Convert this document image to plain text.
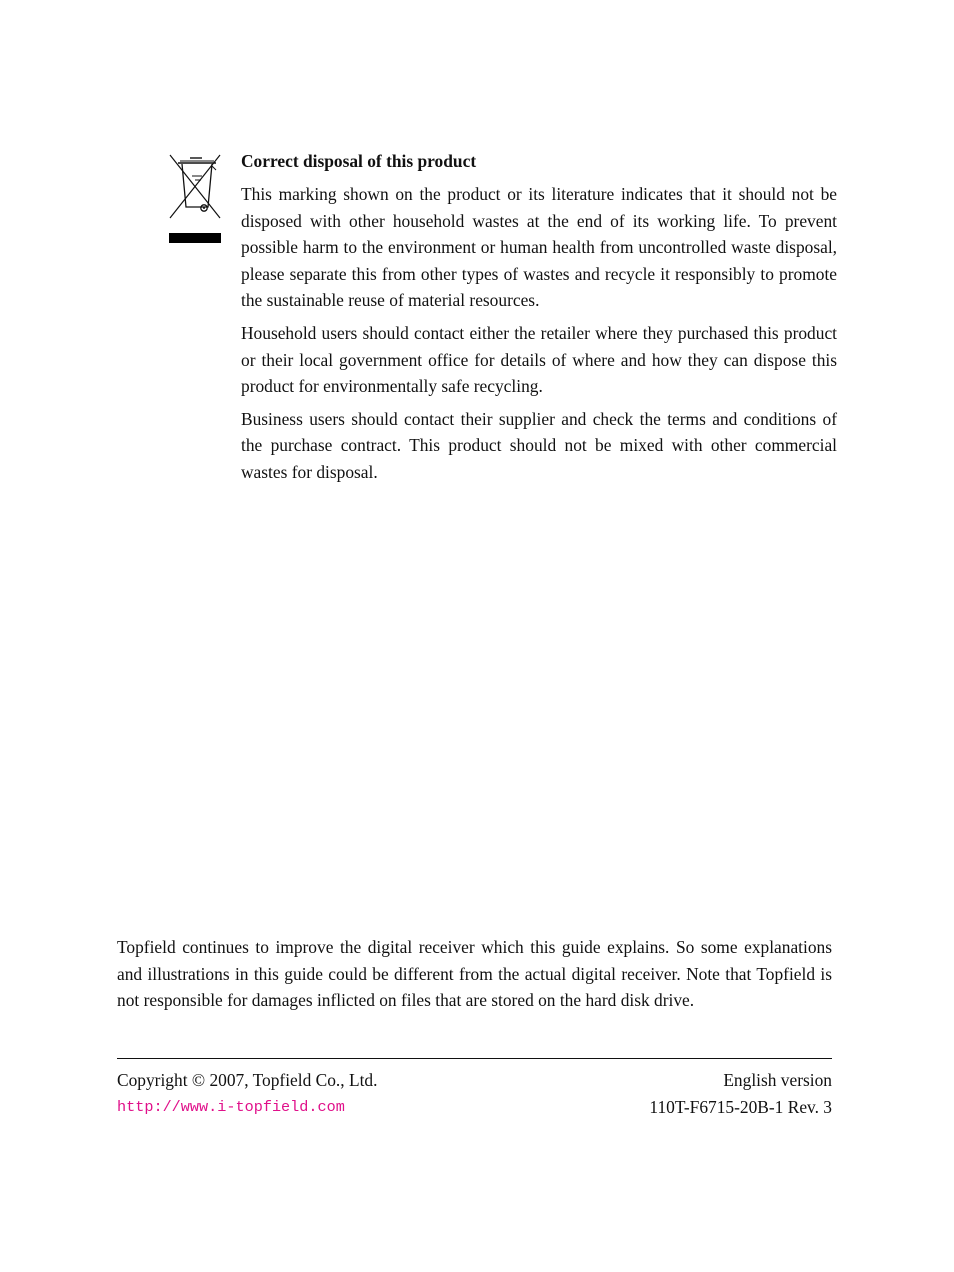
Correct disposal of this product

This marking shown on the product or its literature indicates that it should not be disposed with other household wastes at the end of its working life. To prevent possible harm to the environment or human health from uncontrolled waste disposal, please separate this from other types of wastes and recycle it responsibly to promote the sustainable reuse of material resources.

Household users should contact either the retailer where they purchased this product or their local government office for details of where and how they can dispose this product for environmentally safe recycling.

Business users should contact their supplier and check the terms and conditions of the purchase contract. This product should not be mixed with other commercial wastes for disposal.

Topfield continues to improve the digital receiver which this guide explains. So some explanations and illustrations in this guide could be different from the actual digital receiver. Note that Topfield is not responsible for damages inflicted on files that are stored on the hard disk drive.

Copyright © 2007, Topfield Co., Ltd.
http://www.i-topfield.com
English version
110T-F6715-20B-1 Rev. 3
